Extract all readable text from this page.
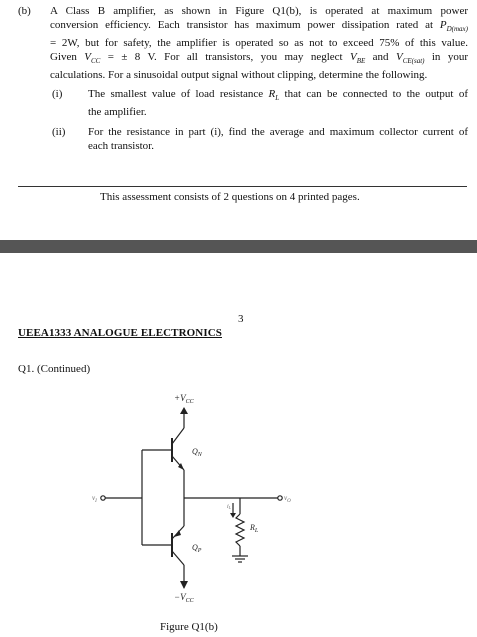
(b) A Class B amplifier, as shown in Figure Q1(b), is operated at maximum power
conversion efficiency. Each transistor has maximum power dissipation rated at $P_{D(max)}$
= 2W, but for safety, the amplifier is operated so as not to exceed 75% of this value.
Given $V_{CC}$ = ± 8 V. For all transistors, you may neglect $V_{BE}$ and $V_{CE(sat)}$ in your
calculations. For a sinusoidal output signal without clipping, determine the following.
(i) The smallest value of load resistance $R_L$ that can be connected to the output of
the amplifier.
(ii) For the resistance in part (i), find the average and maximum collector current of
each transistor.
This assessment consists of 2 questions on 4 printed pages.
3
UEEA1333 ANALOGUE ELECTRONICS
Q1. (Continued)
$+V_{CC}$
$Q_N$
$Q_P$
$v_I$	$v_O$
iL
$R_L$
$-V_{CC}$
Figure Q1(b)
